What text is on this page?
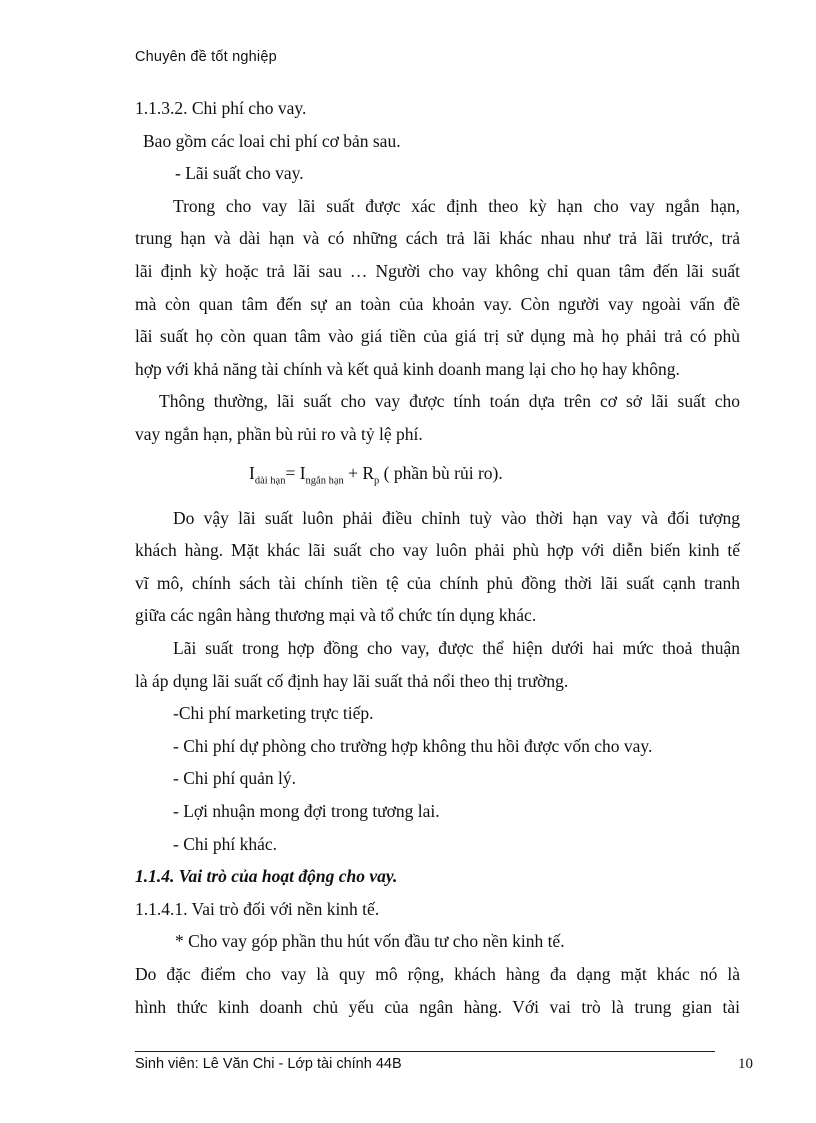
Chuyên đề tốt nghiệp

1.1.3.2. Chi phí cho vay.

Bao gồm các loai chi phí cơ bản sau.

- Lãi suất cho vay.

Trong cho vay lãi suất được xác định theo kỳ hạn cho vay ngắn hạn,

trung hạn và dài hạn và có những cách trả lãi khác nhau như trả lãi trước, trả

lãi định kỳ hoặc trả lãi sau … Người cho vay không chỉ quan tâm đến lãi suất

mà còn quan tâm đến sự an toàn của khoản vay. Còn người vay ngoài vấn đề

lãi suất họ còn quan tâm vào giá tiền của giá trị sử dụng mà họ phải trả có phù

hợp với khả năng tài chính và kết quả kinh doanh mang lại cho họ hay không.

Thông thường, lãi suất cho vay được tính toán dựa trên cơ sở lãi suất cho

vay ngắn hạn, phần bù rủi ro và tỷ lệ phí.

$I_{dài hạn}= I_{ngắn hạn} + R_p$ ( phần bù rủi ro).

Do vậy lãi suất luôn phải điều chỉnh tuỳ vào thời hạn vay và đối tượng

khách hàng. Mặt khác lãi suất cho vay luôn phải phù hợp với diễn biến kinh tế

vĩ mô, chính sách tài chính tiền tệ của chính phủ đồng thời lãi suất cạnh tranh

giữa các ngân hàng thương mại và tổ chức tín dụng khác.

Lãi suất trong hợp đồng cho vay, được thể hiện dưới hai mức thoả thuận

là áp dụng lãi suất cố định hay lãi suất thả nổi theo thị trường.

-Chi phí marketing trực tiếp.

- Chi phí dự phòng cho trường hợp không thu hồi được vốn cho vay.

- Chi phí quản lý.

- Lợi nhuận mong đợi trong tương lai.

- Chi phí khác.

1.1.4. Vai trò của hoạt động cho vay.

1.1.4.1. Vai trò đối với nền kinh tế.

* Cho vay góp phần thu hút vốn đầu tư cho nền kinh tế.

Do đặc điểm cho vay là quy mô rộng, khách hàng đa dạng mặt khác nó là

hình thức kinh doanh chủ yếu của ngân hàng. Với vai trò là trung gian tài

Sinh viên: Lê Văn Chi - Lớp tài chính 44B	10
